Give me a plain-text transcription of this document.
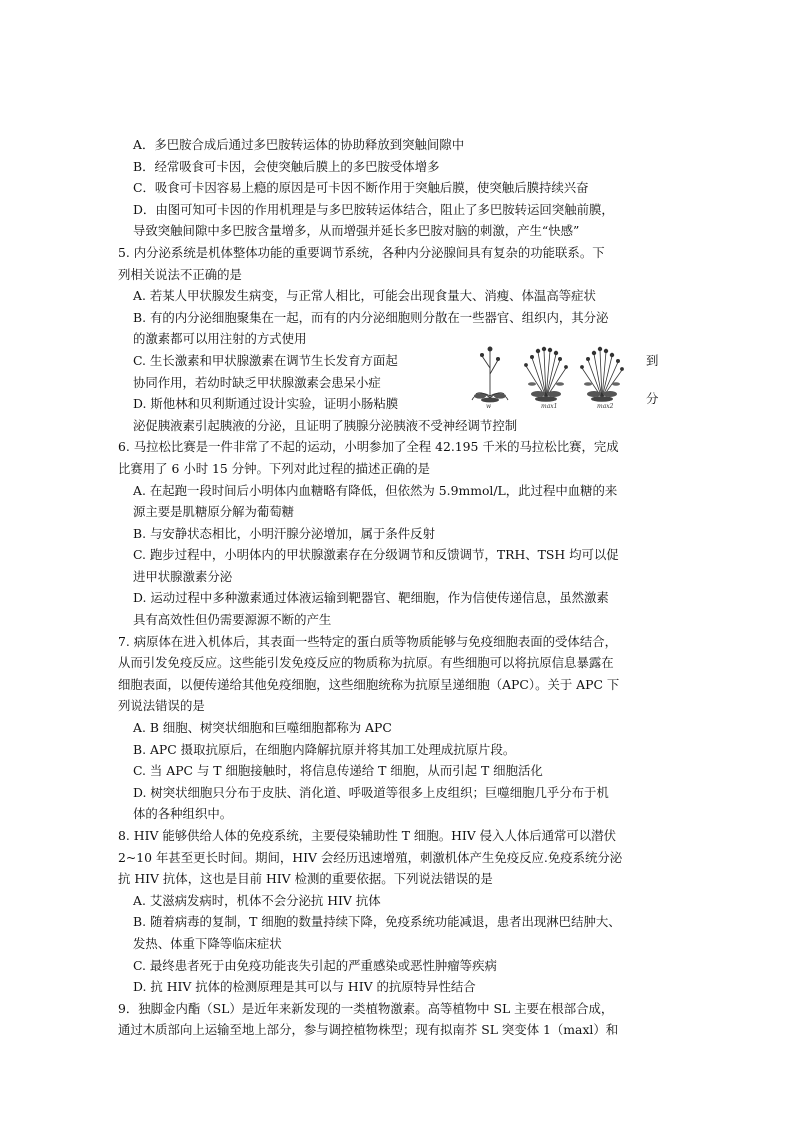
A．多巴胺合成后通过多巴胺转运体的协助释放到突触间隙中

B．经常吸食可卡因，会使突触后膜上的多巴胺受体增多

C．吸食可卡因容易上瘾的原因是可卡因不断作用于突触后膜，使突触后膜持续兴奋

D．由图可知可卡因的作用机理是与多巴胺转运体结合，阻止了多巴胺转运回突触前膜，

导致突触间隙中多巴胺含量增多，从而增强并延长多巴胺对脑的刺激，产生“快感”

5. 内分泌系统是机体整体功能的重要调节系统，各种内分泌腺间具有复杂的功能联系。下

列相关说法不正确的是

A. 若某人甲状腺发生病变，与正常人相比，可能会出现食量大、消瘦、体温高等症状

B. 有的内分泌细胞聚集在一起，而有的内分泌细胞则分散在一些器官、组织内，其分泌

的激素都可以用注射的方式使用

C. 生长激素和甲状腺激素在调节生长发育方面起

协同作用，若幼时缺乏甲状腺激素会患呆小症

D. 斯他林和贝利斯通过设计实验，证明小肠粘膜

泌促胰液素引起胰液的分泌，且证明了胰腺分泌胰液不受神经调节控制

6. 马拉松比赛是一件非常了不起的运动，小明参加了全程 42.195 千米的马拉松比赛，完成

比赛用了 6 小时 15 分钟。下列对此过程的描述正确的是

A. 在起跑一段时间后小明体内血糖略有降低，但依然为 5.9mmol/L，此过程中血糖的来

源主要是肌糖原分解为葡萄糖

B. 与安静状态相比，小明汗腺分泌增加，属于条件反射

C. 跑步过程中，小明体内的甲状腺激素存在分级调节和反馈调节，TRH、TSH 均可以促

进甲状腺激素分泌

D. 运动过程中多种激素通过体液运输到靶器官、靶细胞，作为信使传递信息，虽然激素

具有高效性但仍需要源源不断的产生

7. 病原体在进入机体后，其表面一些特定的蛋白质等物质能够与免疫细胞表面的受体结合，

从而引发免疫反应。这些能引发免疫反应的物质称为抗原。有些细胞可以将抗原信息暴露在

细胞表面，以便传递给其他免疫细胞，这些细胞统称为抗原呈递细胞（APC）。关于 APC 下

列说法错误的是

A. B 细胞、树突状细胞和巨噬细胞都称为 APC

B. APC 摄取抗原后，在细胞内降解抗原并将其加工处理成抗原片段。

C. 当 APC 与 T 细胞接触时，将信息传递给 T 细胞，从而引起 T 细胞活化

D. 树突状细胞只分布于皮肤、消化道、呼吸道等很多上皮组织；巨噬细胞几乎分布于机

体的各种组织中。

8. HIV 能够供给人体的免疫系统，主要侵染辅助性 T 细胞。HIV 侵入人体后通常可以潜伏

2~10 年甚至更长时间。期间，HIV 会经历迅速增殖，刺激机体产生免疫反应.免疫系统分泌

抗 HIV 抗体，这也是目前 HIV 检测的重要依据。下列说法错误的是

A. 艾滋病发病时，机体不会分泌抗 HIV 抗体

B. 随着病毒的复制，T 细胞的数量持续下降，免疫系统功能减退，患者出现淋巴结肿大、

发热、体重下降等临床症状

C. 最终患者死于由免疫功能丧失引起的严重感染或恶性肿瘤等疾病

D. 抗 HIV 抗体的检测原理是其可以与 HIV 的抗原特异性结合

9．独脚金内酯（SL）是近年来新发现的一类植物激素。高等植物中 SL 主要在根部合成，

通过木质部向上运输至地上部分，参与调控植物株型；现有拟南芥 SL 突变体 1（maxl）和

到
分
w	max1	max2
